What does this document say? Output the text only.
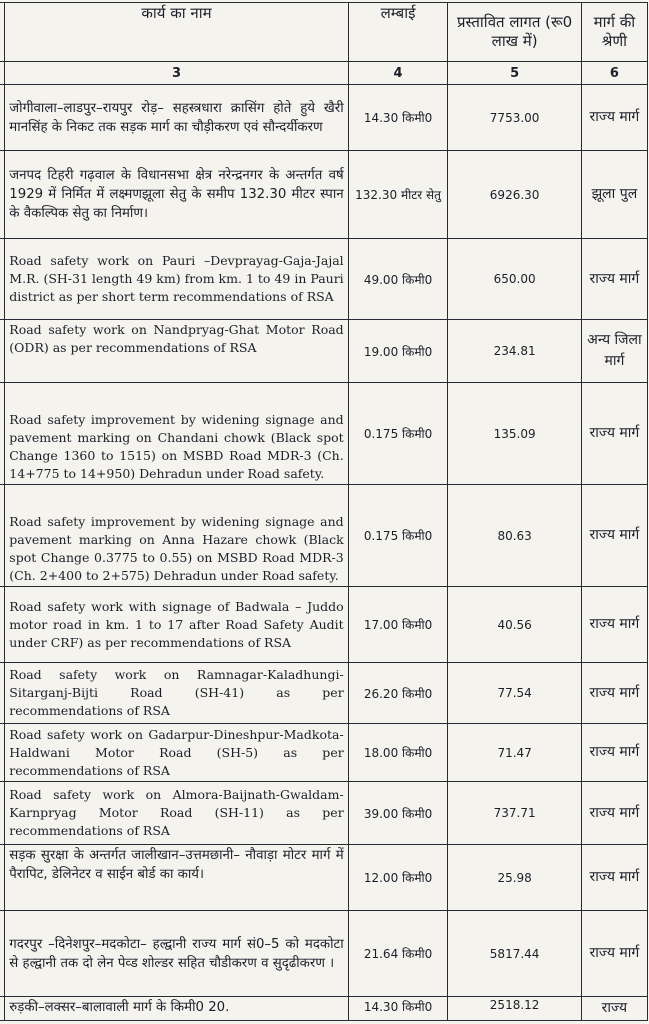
	कार्य का नाम	लम्बाई	प्रस्तावित लागत (रू0 लाख में)	मार्ग की श्रेणी
	3	4	5	6
	जोगीवाला–लाडपुर–रायपुर रोड़– सहस्त्रधारा क्रासिंग होते हुये खैरी मानसिंह के निकट तक सड़क मार्ग का चौड़ीकरण एवं सौन्दर्यीकरण	14.30 किमी0	7753.00	राज्य मार्ग
	जनपद टिहरी गढ़वाल के विधानसभा क्षेत्र नरेन्द्रनगर के अन्तर्गत वर्ष 1929 में निर्मित में लक्ष्मणझूला सेतु के समीप 132.30 मीटर स्पान के वैकल्पिक सेतु का निर्माण।	132.30 मीटर सेतु	6926.30	झूला पुल
	Road safety work on Pauri –Devprayag-Gaja-Jajal M.R. (SH-31 length 49 km) from km. 1 to 49 in Pauri district as per short term recommendations of RSA	49.00 किमी0	650.00	राज्य मार्ग
	Road safety work on Nandpryag-Ghat Motor Road (ODR) as per recommendations of RSA	19.00 किमी0	234.81	अन्य जिला मार्ग
	Road safety improvement by widening signage and pavement marking on Chandani chowk (Black spot Change 1360 to 1515) on MSBD Road MDR-3 (Ch. 14+775 to 14+950) Dehradun under Road safety.	0.175 किमी0	135.09	राज्य मार्ग
	Road safety improvement by widening signage and pavement marking on Anna Hazare chowk (Black spot Change 0.3775 to 0.55) on MSBD Road MDR-3 (Ch. 2+400 to 2+575) Dehradun under Road safety.	0.175 किमी0	80.63	राज्य मार्ग
	Road safety work with signage of Badwala – Juddo motor road in km. 1 to 17 after Road Safety Audit under CRF) as per recommendations of RSA	17.00 किमी0	40.56	राज्य मार्ग
	Road safety work on Ramnagar-Kaladhungi-Sitarganj-Bijti Road (SH-41) as per recommendations of RSA	26.20 किमी0	77.54	राज्य मार्ग
	Road safety work on Gadarpur-Dineshpur-Madkota-Haldwani Motor Road (SH-5) as per recommendations of RSA	18.00 किमी0	71.47	राज्य मार्ग
	Road safety work on Almora-Baijnath-Gwaldam-Karnpryag Motor Road (SH-11) as per recommendations of RSA	39.00 किमी0	737.71	राज्य मार्ग
	सड़क सुरक्षा के अन्तर्गत जालीखान–उत्तमछानी– नौवाड़ा मोटर मार्ग में पैरापिट, डेलिनेटर व साईन बोर्ड का कार्य।	12.00 किमी0	25.98	राज्य मार्ग
	गदरपुर –दिनेशपुर–मदकोटा– हल्द्वानी राज्य मार्ग सं0–5 को मदकोटा से हल्द्वानी तक दो लेन पेव्ड शोल्डर सहित चौडीकरण व सुदृढीकरण ।	21.64 किमी0	5817.44	राज्य मार्ग
	रुड़की–लक्सर–बालावाली मार्ग के किमी0 20.	14.30 किमी0	2518.12	राज्य
